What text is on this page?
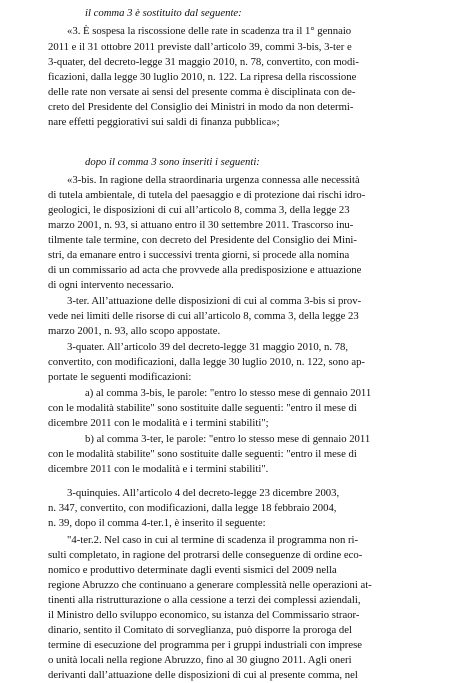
il comma 3 è sostituito dal seguente:
«3. È sospesa la riscossione delle rate in scadenza tra il 1° gennaio
2011 e il 31 ottobre 2011 previste dall’articolo 39, commi 3-bis, 3-ter e
3-quater, del decreto-legge 31 maggio 2010, n. 78, convertito, con modi-
ficazioni, dalla legge 30 luglio 2010, n. 122. La ripresa della riscossione
delle rate non versate ai sensi del presente comma è disciplinata con de-
creto del Presidente del Consiglio dei Ministri in modo da non determi-
nare effetti peggiorativi sui saldi di finanza pubblica»;
dopo il comma 3 sono inseriti i seguenti:
«3-bis. In ragione della straordinaria urgenza connessa alle necessità
di tutela ambientale, di tutela del paesaggio e di protezione dai rischi idro-
geologici, le disposizioni di cui all’articolo 8, comma 3, della legge 23
marzo 2001, n. 93, si attuano entro il 30 settembre 2011. Trascorso inu-
tilmente tale termine, con decreto del Presidente del Consiglio dei Mini-
stri, da emanare entro i successivi trenta giorni, si procede alla nomina
di un commissario ad acta che provvede alla predisposizione e attuazione
di ogni intervento necessario.
3-ter. All’attuazione delle disposizioni di cui al comma 3-bis si prov-
vede nei limiti delle risorse di cui all’articolo 8, comma 3, della legge 23
marzo 2001, n. 93, allo scopo appostate.
3-quater. All’articolo 39 del decreto-legge 31 maggio 2010, n. 78,
convertito, con modificazioni, dalla legge 30 luglio 2010, n. 122, sono ap-
portate le seguenti modificazioni:
a) al comma 3-bis, le parole: "entro lo stesso mese di gennaio 2011
con le modalità stabilite" sono sostituite dalle seguenti: "entro il mese di
dicembre 2011 con le modalità e i termini stabiliti";
b) al comma 3-ter, le parole: "entro lo stesso mese di gennaio 2011
con le modalità stabilite" sono sostituite dalle seguenti: "entro il mese di
dicembre 2011 con le modalità e i termini stabiliti".
3-quinquies. All’articolo 4 del decreto-legge 23 dicembre 2003,
n. 347, convertito, con modificazioni, dalla legge 18 febbraio 2004,
n. 39, dopo il comma 4-ter.1, è inserito il seguente:
"4-ter.2. Nel caso in cui al termine di scadenza il programma non ri-
sulti completato, in ragione del protrarsi delle conseguenze di ordine eco-
nomico e produttivo determinate dagli eventi sismici del 2009 nella
regione Abruzzo che continuano a generare complessità nelle operazioni at-
tinenti alla ristrutturazione o alla cessione a terzi dei complessi aziendali,
il Ministro dello sviluppo economico, su istanza del Commissario straor-
dinario, sentito il Comitato di sorveglianza, può disporre la proroga del
termine di esecuzione del programma per i gruppi industriali con imprese
o unità locali nella regione Abruzzo, fino al 30 giugno 2011. Agli oneri
derivanti dall’attuazione delle disposizioni di cui al presente comma, nel
